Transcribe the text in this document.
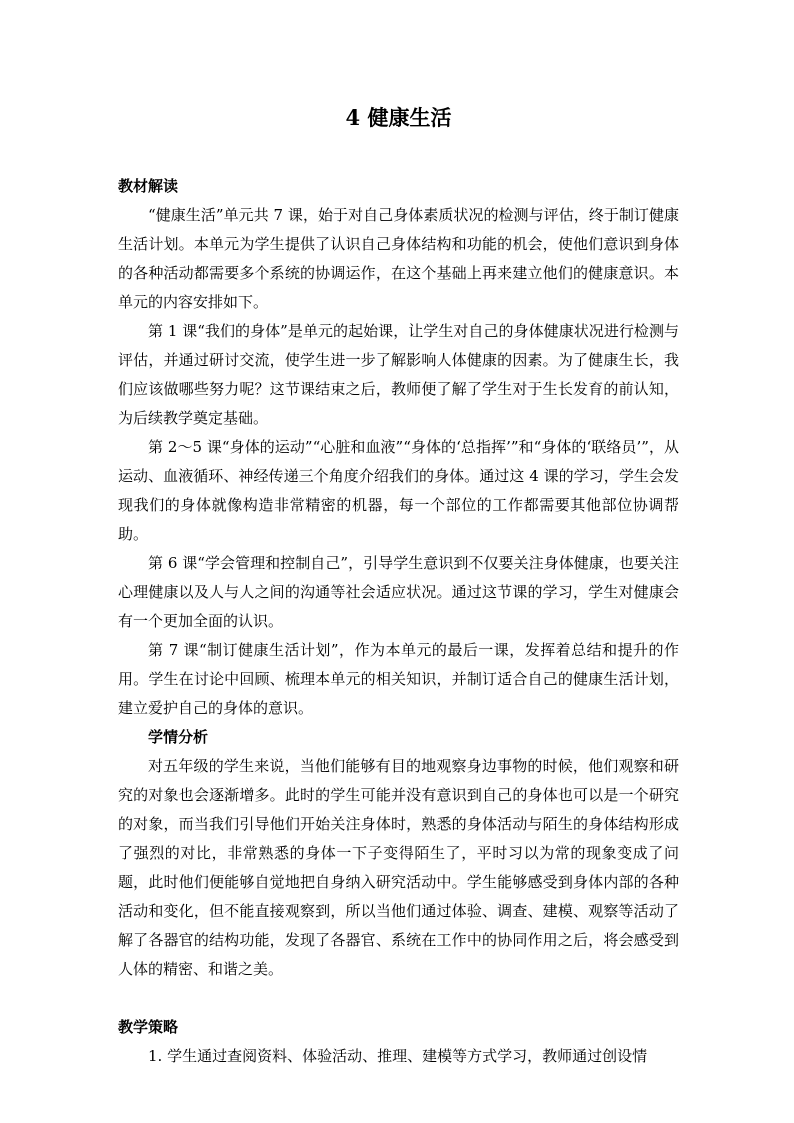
4 健康生活
教材解读

“健康生活”单元共 7 课，始于对自己身体素质状况的检测与评估，终于制订健康生活计划。本单元为学生提供了认识自己身体结构和功能的机会，使他们意识到身体的各种活动都需要多个系统的协调运作，在这个基础上再来建立他们的健康意识。本单元的内容安排如下。

第 1 课“我们的身体”是单元的起始课，让学生对自己的身体健康状况进行检测与评估，并通过研讨交流，使学生进一步了解影响人体健康的因素。为了健康生长，我们应该做哪些努力呢？这节课结束之后，教师便了解了学生对于生长发育的前认知，为后续教学奠定基础。

第 2～5 课“身体的运动”“心脏和血液”“身体的‘总指挥’”和“身体的‘联络员’”，从运动、血液循环、神经传递三个角度介绍我们的身体。通过这 4 课的学习，学生会发现我们的身体就像构造非常精密的机器，每一个部位的工作都需要其他部位协调帮助。

第 6 课“学会管理和控制自己”，引导学生意识到不仅要关注身体健康，也要关注心理健康以及人与人之间的沟通等社会适应状况。通过这节课的学习，学生对健康会有一个更加全面的认识。

第 7 课“制订健康生活计划”，作为本单元的最后一课，发挥着总结和提升的作用。学生在讨论中回顾、梳理本单元的相关知识，并制订适合自己的健康生活计划，建立爱护自己的身体的意识。

学情分析

对五年级的学生来说，当他们能够有目的地观察身边事物的时候，他们观察和研究的对象也会逐渐增多。此时的学生可能并没有意识到自己的身体也可以是一个研究的对象，而当我们引导他们开始关注身体时，熟悉的身体活动与陌生的身体结构形成了强烈的对比，非常熟悉的身体一下子变得陌生了，平时习以为常的现象变成了问题，此时他们便能够自觉地把自身纳入研究活动中。学生能够感受到身体内部的各种活动和变化，但不能直接观察到，所以当他们通过体验、调查、建模、观察等活动了解了各器官的结构功能，发现了各器官、系统在工作中的协同作用之后，将会感受到人体的精密、和谐之美。

教学策略

1. 学生通过查阅资料、体验活动、推理、建模等方式学习，教师通过创设情
